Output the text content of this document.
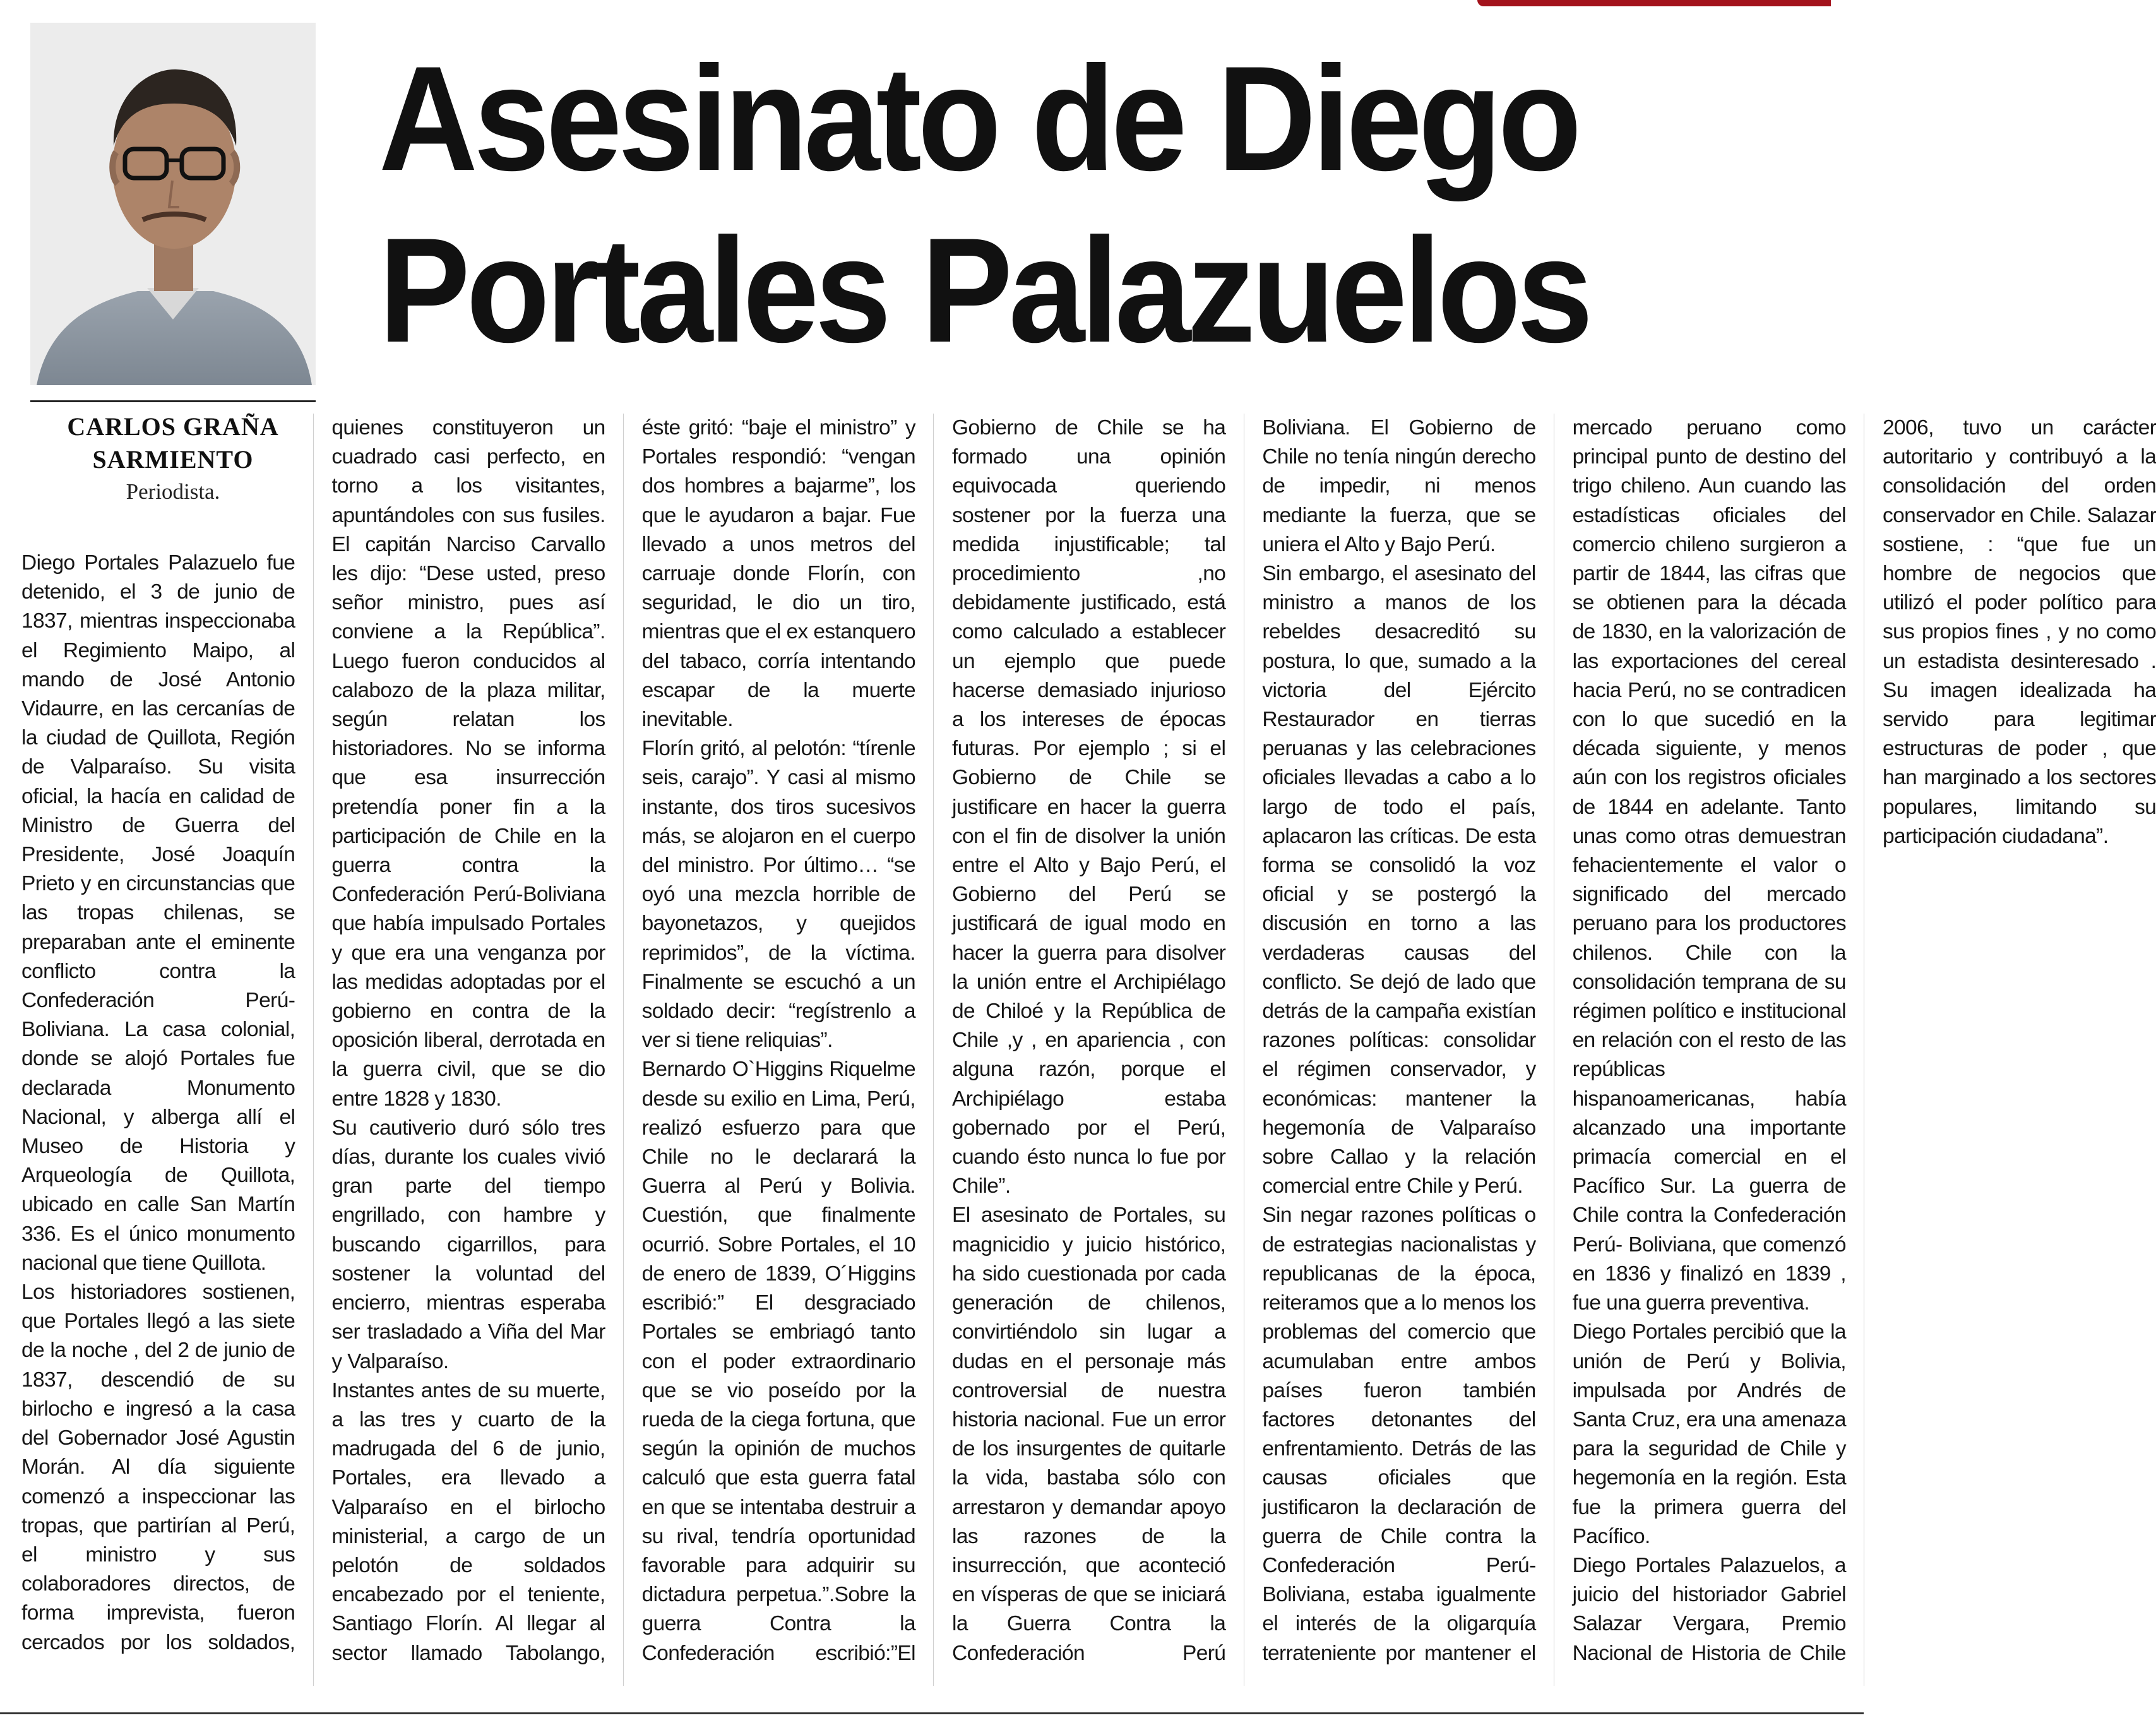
Asesinato de Diego
Portales Palazuelos
CARLOS GRAÑA
SARMIENTO
Periodista.

Diego Portales Palazuelo fue detenido, el 3 de junio de 1837, mientras inspeccionaba el Regimiento Maipo, al mando de José Antonio Vidaurre, en las cercanías de la ciudad de Quillota, Región de Valparaíso. Su visita oficial, la hacía en calidad de Ministro de Guerra del Presidente, José Joaquín Prieto y en circunstancias que las tropas chilenas, se preparaban ante el eminente conflicto contra la Confederación Perú-Boliviana. La casa colonial, donde se alojó Portales fue declarada Monumento Nacional, y alberga allí el Museo de Historia y Arqueología de Quillota, ubicado en calle San Martín 336. Es el único monumento nacional que tiene Quillota.

Los historiadores sostienen, que Portales llegó a las siete de la noche , del 2 de junio de 1837, descendió de su birlocho e ingresó a la casa del Gobernador José Agustin Morán. Al día siguiente comenzó a inspeccionar las tropas, que partirían al Perú, el ministro y sus colaboradores directos, de forma imprevista, fueron cercados por los soldados, quienes constituyeron un cuadrado casi perfecto, en torno a los visitantes, apuntándoles con sus fusiles. El capitán Narciso Carvallo les dijo: “Dese usted, preso señor ministro, pues así conviene a la República”. Luego fueron conducidos al calabozo de la plaza militar, según relatan los historiadores. No se informa que esa insurrección pretendía poner fin a la participación de Chile en la guerra contra la Confederación Perú-Boliviana que había impulsado Portales y que era una venganza por las medidas adoptadas por el gobierno en contra de la oposición liberal, derrotada en la guerra civil, que se dio entre 1828 y 1830.

Su cautiverio duró sólo tres días, durante los cuales vivió gran parte del tiempo engrillado, con hambre y buscando cigarrillos, para sostener la voluntad del encierro, mientras esperaba ser trasladado a Viña del Mar y Valparaíso.

Instantes antes de su muerte, a las tres y cuarto de la madrugada del 6 de junio, Portales, era llevado a Valparaíso en el birlocho ministerial, a cargo de un pelotón de soldados encabezado por el teniente, Santiago Florín. Al llegar al sector llamado Tabolango, éste gritó: “baje el ministro” y Portales respondió: “vengan dos hombres a bajarme”, los que le ayudaron a bajar. Fue llevado a unos metros del carruaje donde Florín, con seguridad, le dio un tiro, mientras que el ex estanquero del tabaco, corría intentando escapar de la muerte inevitable.

Florín gritó, al pelotón: “tírenle seis, carajo”. Y casi al mismo instante, dos tiros sucesivos más, se alojaron en el cuerpo del ministro. Por último… “se oyó una mezcla horrible de bayonetazos, y quejidos reprimidos”, de la víctima. Finalmente se escuchó a un soldado decir: “regístrenlo a ver si tiene reliquias”.

Bernardo O`Higgins Riquelme desde su exilio en Lima, Perú, realizó esfuerzo para que Chile no le declarará la Guerra al Perú y Bolivia. Cuestión, que finalmente ocurrió. Sobre Portales, el 10 de enero de 1839, O´Higgins escribió:” El desgraciado Portales se embriagó tanto con el poder extraordinario que se vio poseído por la rueda de la ciega fortuna, que según la opinión de muchos calculó que esta guerra fatal en que se intentaba destruir a su rival, tendría oportunidad favorable para adquirir su dictadura perpetua.”.Sobre la guerra Contra la Confederación escribió:”El Gobierno de Chile se ha formado una opinión equivocada queriendo sostener por la fuerza una medida injustificable; tal procedimiento ,no debidamente justificado, está como calculado a establecer un ejemplo que puede hacerse demasiado injurioso a los intereses de épocas futuras. Por ejemplo ; si el Gobierno de Chile se justificare en hacer la guerra con el fin de disolver la unión entre el Alto y Bajo Perú, el Gobierno del Perú se justificará de igual modo en hacer la guerra para disolver la unión entre el Archipiélago de Chiloé y la República de Chile ,y , en apariencia , con alguna razón, porque el Archipiélago estaba gobernado por el Perú, cuando ésto nunca lo fue por Chile”.

El asesinato de Portales, su magnicidio y juicio histórico, ha sido cuestionada por cada generación de chilenos, convirtiéndolo sin lugar a dudas en el personaje más controversial de nuestra historia nacional. Fue un error de los insurgentes de quitarle la vida, bastaba sólo con arrestaron y demandar apoyo las razones de la insurrección, que aconteció en vísperas de que se iniciará la Guerra Contra la Confederación Perú Boliviana. El Gobierno de Chile no tenía ningún derecho de impedir, ni menos mediante la fuerza, que se uniera el Alto y Bajo Perú.

Sin embargo, el asesinato del ministro a manos de los rebeldes desacreditó su postura, lo que, sumado a la victoria del Ejército Restaurador en tierras peruanas y las celebraciones oficiales llevadas a cabo a lo largo de todo el país, aplacaron las críticas. De esta forma se consolidó la voz oficial y se postergó la discusión en torno a las verdaderas causas del conflicto. Se dejó de lado que detrás de la campaña existían razones políticas: consolidar el régimen conservador, y económicas: mantener la hegemonía de Valparaíso sobre Callao y la relación comercial entre Chile y Perú.

Sin negar razones políticas o de estrategias nacionalistas y republicanas de la época, reiteramos que a lo menos los problemas del comercio que acumulaban entre ambos países fueron también factores detonantes del enfrentamiento. Detrás de las causas oficiales que justificaron la declaración de guerra de Chile contra la Confederación Perú-Boliviana, estaba igualmente el interés de la oligarquía terrateniente por mantener el mercado peruano como principal punto de destino del trigo chileno. Aun cuando las estadísticas oficiales del comercio chileno surgieron a partir de 1844, las cifras que se obtienen para la década de 1830, en la valorización de las exportaciones del cereal hacia Perú, no se contradicen con lo que sucedió en la década siguiente, y menos aún con los registros oficiales de 1844 en adelante. Tanto unas como otras demuestran fehacientemente el valor o significado del mercado peruano para los productores chilenos. Chile con la consolidación temprana de su régimen político e institucional en relación con el resto de las repúblicas hispanoamericanas, había alcanzado una importante primacía comercial en el Pacífico Sur. La guerra de Chile contra la Confederación Perú- Boliviana, que comenzó en 1836 y finalizó en 1839 , fue una guerra preventiva.

Diego Portales percibió que la unión de Perú y Bolivia, impulsada por Andrés de Santa Cruz, era una amenaza para la seguridad de Chile y hegemonía en la región. Esta fue la primera guerra del Pacífico.

Diego Portales Palazuelos, a juicio del historiador Gabriel Salazar Vergara, Premio Nacional de Historia de Chile 2006, tuvo un carácter autoritario y contribuyó a la consolidación del orden conservador en Chile. Salazar sostiene, : “que fue un hombre de negocios que utilizó el poder político para sus propios fines , y no como un estadista desinteresado . Su imagen idealizada ha servido para legitimar estructuras de poder , que han marginado a los sectores populares, limitando su participación ciudadana”.
